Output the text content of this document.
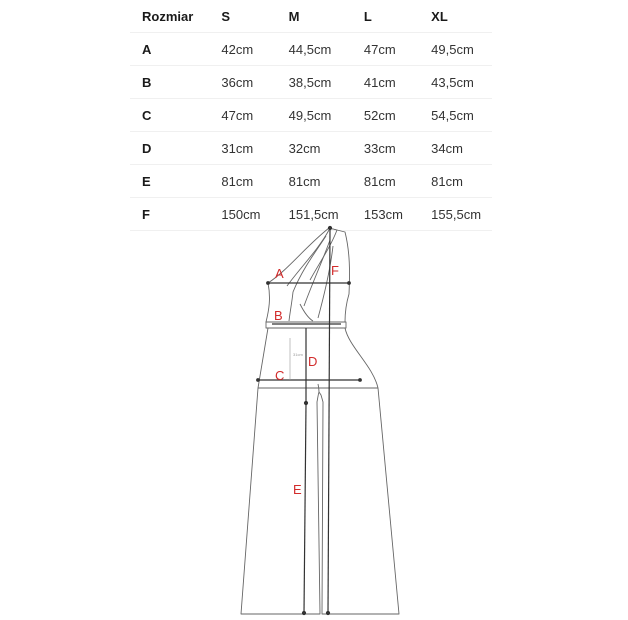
Rozmiar	S	M	L	XL
A	42cm	44,5cm	47cm	49,5cm
B	36cm	38,5cm	41cm	43,5cm
C	47cm	49,5cm	52cm	54,5cm
D	31cm	32cm	33cm	34cm
E	81cm	81cm	81cm	81cm
F	150cm	151,5cm	153cm	155,5cm
31cm
A	F
B
D
C
E
